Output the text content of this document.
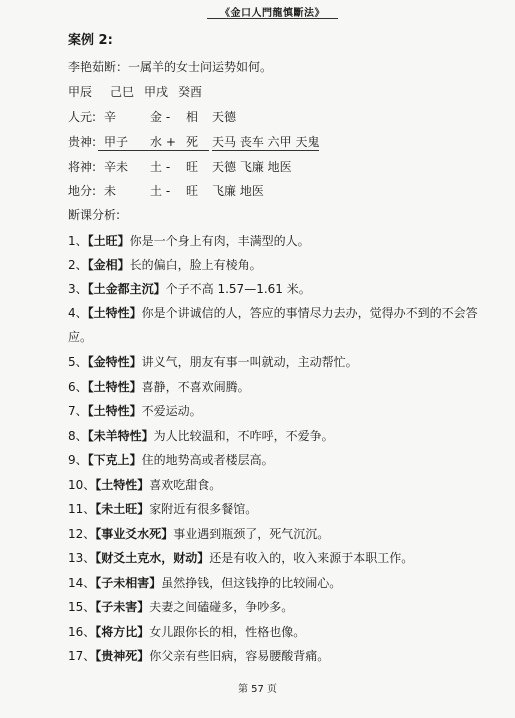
《金口人門龍慎斷法》
案例 2:
李艳茹断：一属羊的女士问运势如何。
甲辰 己巳 甲戌 癸酉
人元: 辛	金 - 相 天德
贵神: 甲子 水 + 死
天马 丧车 六甲 天鬼
将神: 辛未 土 - 旺 天德 飞廉 地医
地分: 未	土 - 旺 飞廉 地医
断课分析:
1、【土旺】你是一个身上有肉，丰满型的人。
2、【金相】长的偏白，脸上有棱角。
3、【土金都主沉】个子不高 1.57—1.61 米。
4、【土特性】你是个讲诚信的人，答应的事情尽力去办，觉得办不到的不会答
应。
5、【金特性】讲义气，朋友有事一叫就动，主动帮忙。
6、【土特性】喜静，不喜欢闹腾。
7、【土特性】不爱运动。
8、【未羊特性】为人比较温和，不咋呼，不爱争。
9、【下克上】住的地势高或者楼层高。
10、【土特性】喜欢吃甜食。
11、【未土旺】家附近有很多餐馆。
12、【事业爻水死】事业遇到瓶颈了，死气沉沉。
13、【财爻土克水，财动】还是有收入的，收入来源于本职工作。
14、【子未相害】虽然挣钱，但这钱挣的比较闹心。
15、【子未害】夫妻之间磕碰多，争吵多。
16、【将方比】女儿跟你长的相，性格也像。
17、【贵神死】你父亲有些旧病，容易腰酸背痛。
第 57 页
